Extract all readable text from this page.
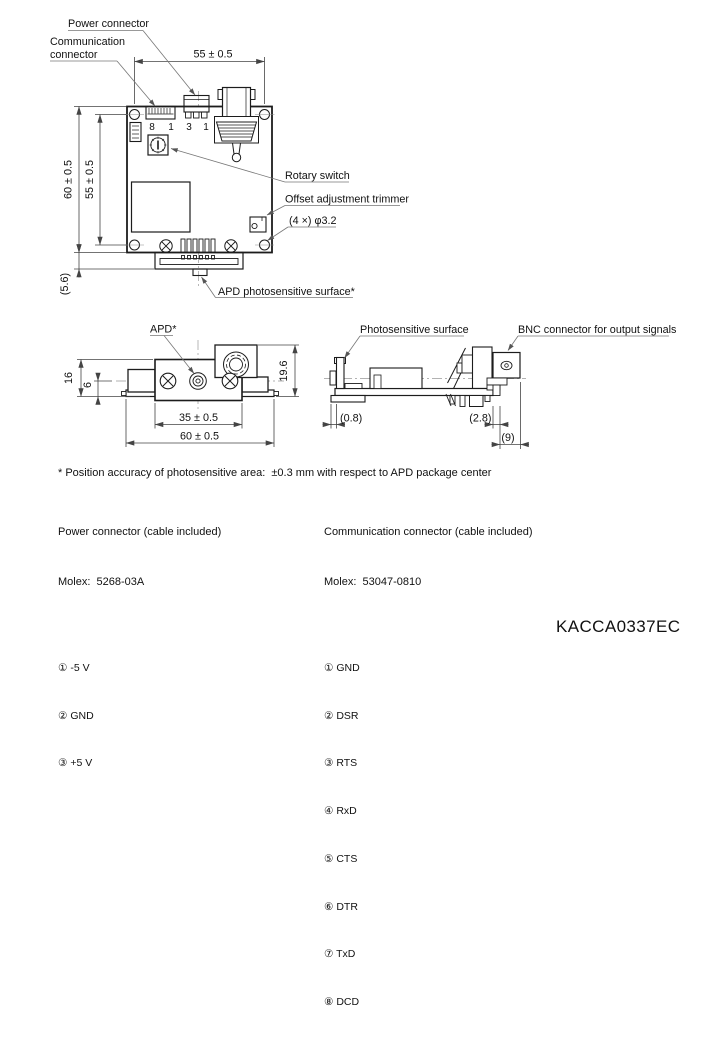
8 1 3 1
55 ± 0.5
60 ± 0.5 55 ± 0.5
(5.6)
Power connector
Communication
connector
Rotary switch
Offset adjustment trimmer
(4 ×) φ3.2
APD photosensitive surface*
16
6
19.6
35 ± 0.5
60 ± 0.5
APD*
(0.8)	(2.8)
(9)
Photosensitive surface	BNC connector for output signals
* Position accuracy of photosensitive area:  ±0.3 mm with respect to APD package center

Power connector (cable included)

Molex:  5268-03A

① -5 V

② GND

③ +5 V

Communication connector (cable included)

Molex:  53047-0810

① GND

② DSR

③ RTS

④ RxD

⑤ CTS

⑥ DTR

⑦ TxD

⑧ DCD

KACCA0337EC
